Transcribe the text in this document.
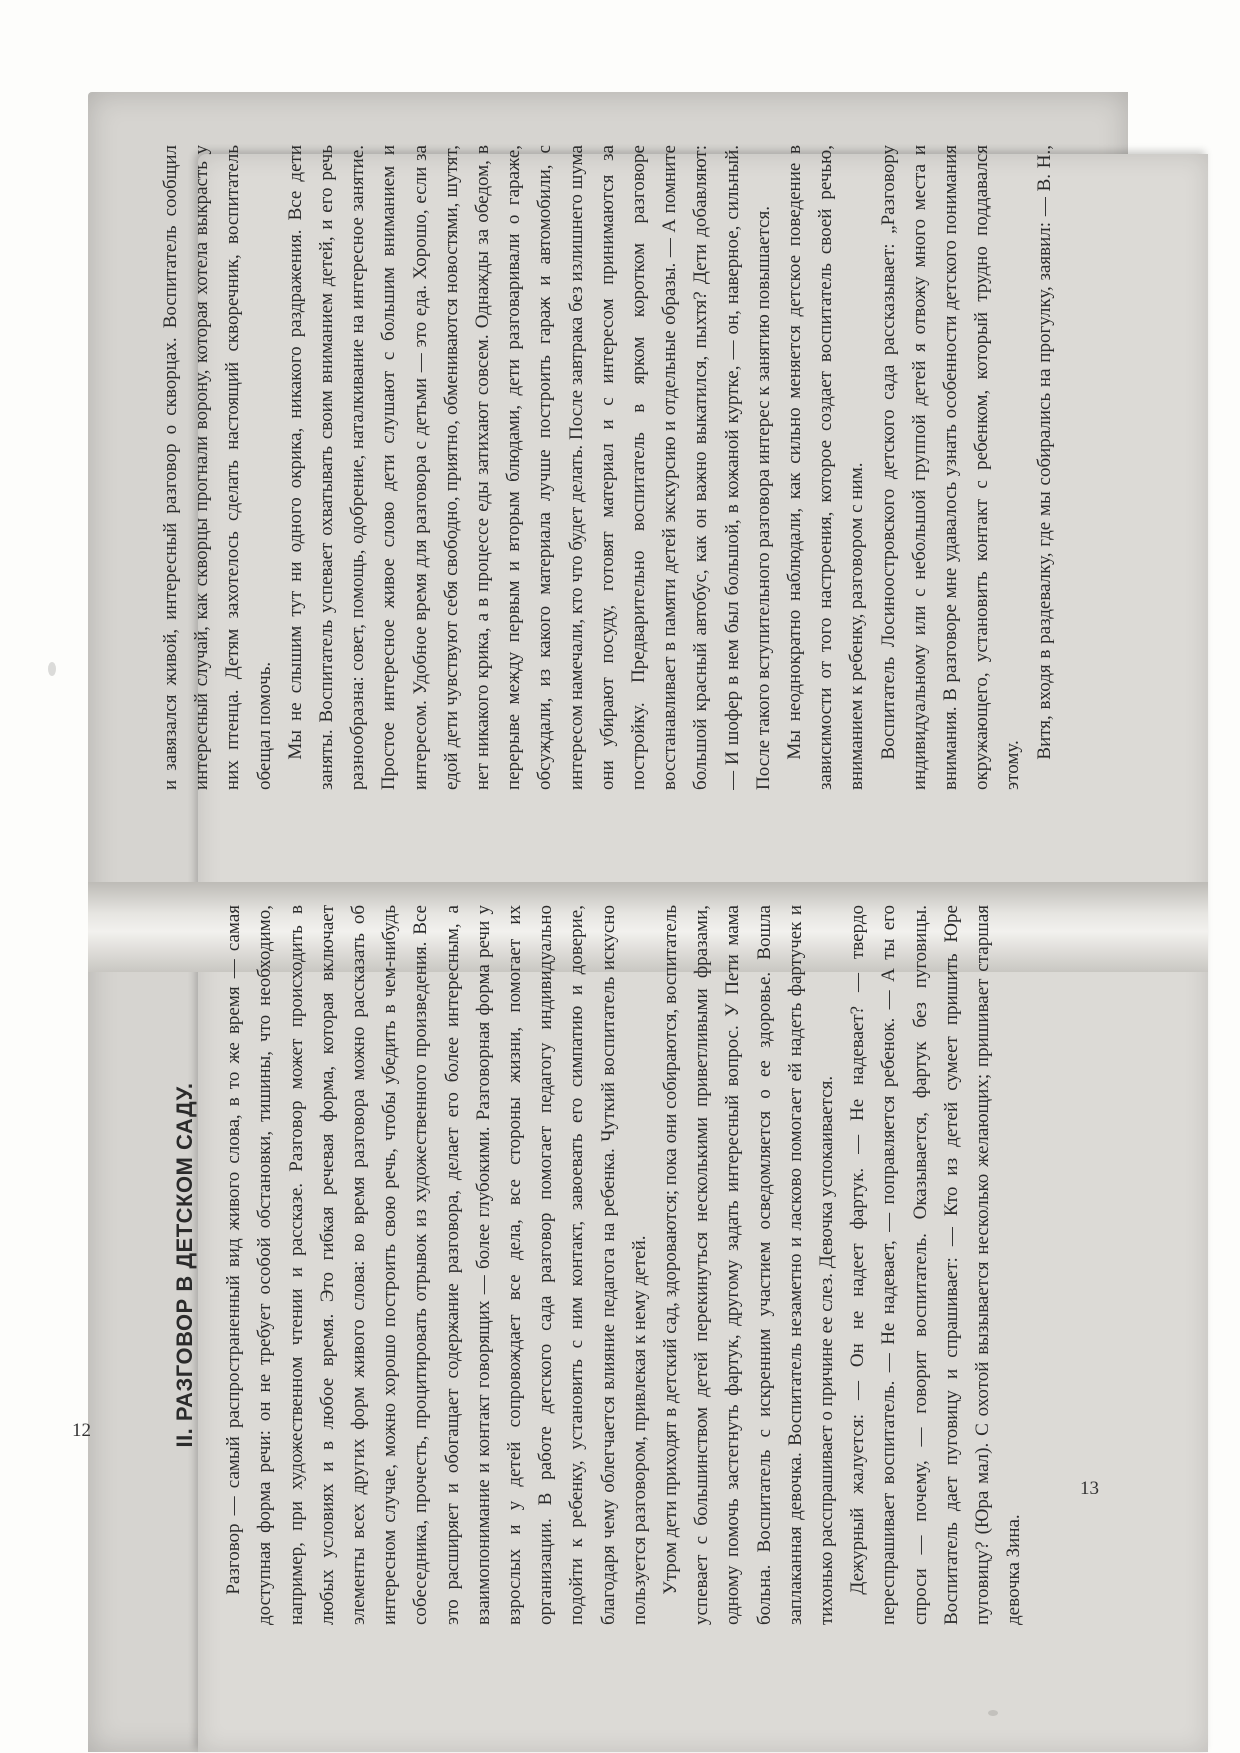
и завязался живой, интересный разговор о скворцах. Воспитатель сообщил интересный случай, как скворцы прогнали ворону, которая хотела выкрасть у них птенца. Детям захотелось сделать настоящий скворечник, воспитатель обещал помочь. Мы не слышим тут ни одного окрика, никакого раздражения. Все дети заняты. Воспитатель успевает охватывать своим вниманием детей, и его речь разнообразна: совет, помощь, одобрение, наталкивание на интересное занятие. Простое интересное живое слово дети слушают с большим вниманием и интересом. Удобное время для разговора с детьми — это еда. Хорошо, если за едой дети чувствуют себя свободно, приятно, обмениваются новостями, шутят, нет никакого крика, а в процессе еды затихают совсем. Однажды за обедом, в перерыве между первым и вторым блюдами, дети разговаривали о гараже, обсуждали, из какого материала лучше построить гараж и автомобили, с интересом намечали, кто что будет делать. После завтрака без излишнего шума они убирают посуду, готовят материал и с интересом принимаются за постройку. Предварительно воспитатель в ярком коротком разговоре восстанавливает в памяти детей экскурсию и отдельные образы. — А помните большой красный автобус, как он важно выкатился, пыхтя? Дети добавляют: — И шофер в нем был большой, в кожаной куртке, — он, наверное, сильный. После такого вступительного разговора интерес к занятию повышается. Мы неоднократно наблюдали, как сильно меняется детское поведение в зависимости от того настроения, которое создает воспитатель своей речью, вниманием к ребенку, разговором с ним. Воспитатель Лосиноостровского детского сада рассказывает: „Разговору индивидуальному или с небольшой группой детей я отвожу много места и внимания. В разговоре мне удавалось узнать особенности детского понимания окружающего, установить контакт с ребенком, который трудно поддавался этому.

Витя, входя в раздевалку, где мы собирались на прогулку, заявил: — В. Н.,

13
II. РАЗГОВОР В ДЕТСКОМ САДУ. Разговор — самый распространенный вид живого слова, в то же время — самая доступная форма речи: он не требует особой обстановки, тишины, что необходимо, например, при художественном чтении и рассказе. Разговор может происходить в любых условиях и в любое время. Это гибкая речевая форма, которая включает элементы всех других форм живого слова: во время разговора можно рассказать об интересном случае, можно хорошо построить свою речь, чтобы убедить в чем-нибудь собеседника, прочесть, процитировать отрывок из художественного произведения. Все это расширяет и обогащает содержание разговора, делает его более интересным, а взаимопонимание и контакт говорящих — более глубокими. Разговорная форма речи у взрослых и у детей сопровождает все дела, все стороны жизни, помогает их организации. В работе детского сада разговор помогает педагогу индивидуально подойти к ребенку, установить с ним контакт, завоевать его симпатию и доверие, благодаря чему облегчается влияние педагога на ребенка. Чуткий воспитатель искусно пользуется разговором, привлекая к нему детей. Утром дети приходят в детский сад, здороваются; пока они собираются, воспитатель успевает с большинством детей перекинуться несколькими приветливыми фразами, одному помочь застегнуть фартук, другому задать интересный вопрос. У Пети мама больна. Воспитатель с искренним участием осведомляется о ее здоровье. Вошла заплаканная девочка. Воспитатель незаметно и ласково помогает ей надеть фартучек и тихонько расспрашивает о причине ее слез. Девочка успокаивается. Дежурный жалуется: — Он не надеет фартук. — Не надевает? — твердо переспрашивает воспитатель. — Не надевает, — поправляется ребенок. — А ты его спроси — почему, — говорит воспитатель. Оказывается, фартук без пуговицы. Воспитатель дает пуговицу и спрашивает: — Кто из детей сумеет пришить Юре пуговицу? (Юра мал). С охотой вызывается несколько желающих; пришивает старшая девочка Зина.

12
